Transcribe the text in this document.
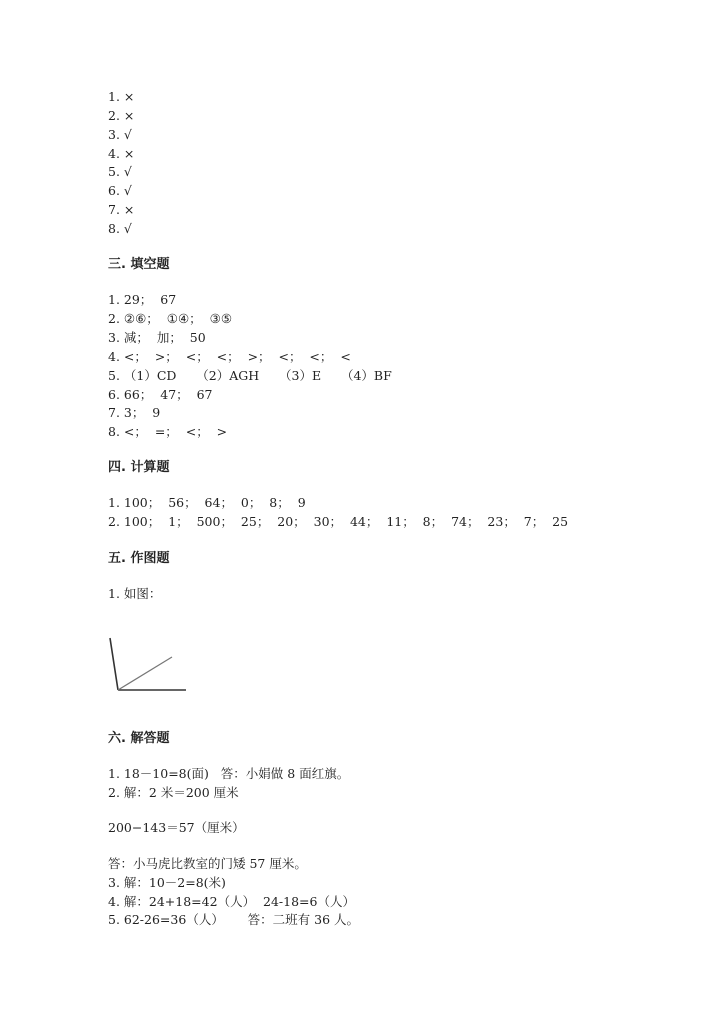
1. ×
2. ×
3. √
4. ×
5. √
6. √
7. ×
8. √
三. 填空题
1. 29；  67
2. ②⑥；  ①④；  ③⑤
3. 减；  加；  50
4. <；  >；  <；  <；  >；  <；  <；  <
5. （1）CD     （2）AGH     （3）E     （4）BF
6. 66；  47；  67
7. 3；  9
8. <；  =；  <；  >
四. 计算题
1. 100；  56；  64；  0；  8；  9
2. 100；  1；  500；  25；  20；  30；  44；  11；  8；  74；  23；  7；  25
五. 作图题
1. 如图：
六. 解答题
1. 18－10=8(面)   答：小娟做 8 面红旗。
2. 解：2 米＝200 厘米
200−143＝57（厘米）
答：小马虎比教室的门矮 57 厘米。
3. 解：10－2=8(米)
4. 解：24+18=42（人）  24-18=6（人）
5. 62-26=36（人）      答：二班有 36 人。
